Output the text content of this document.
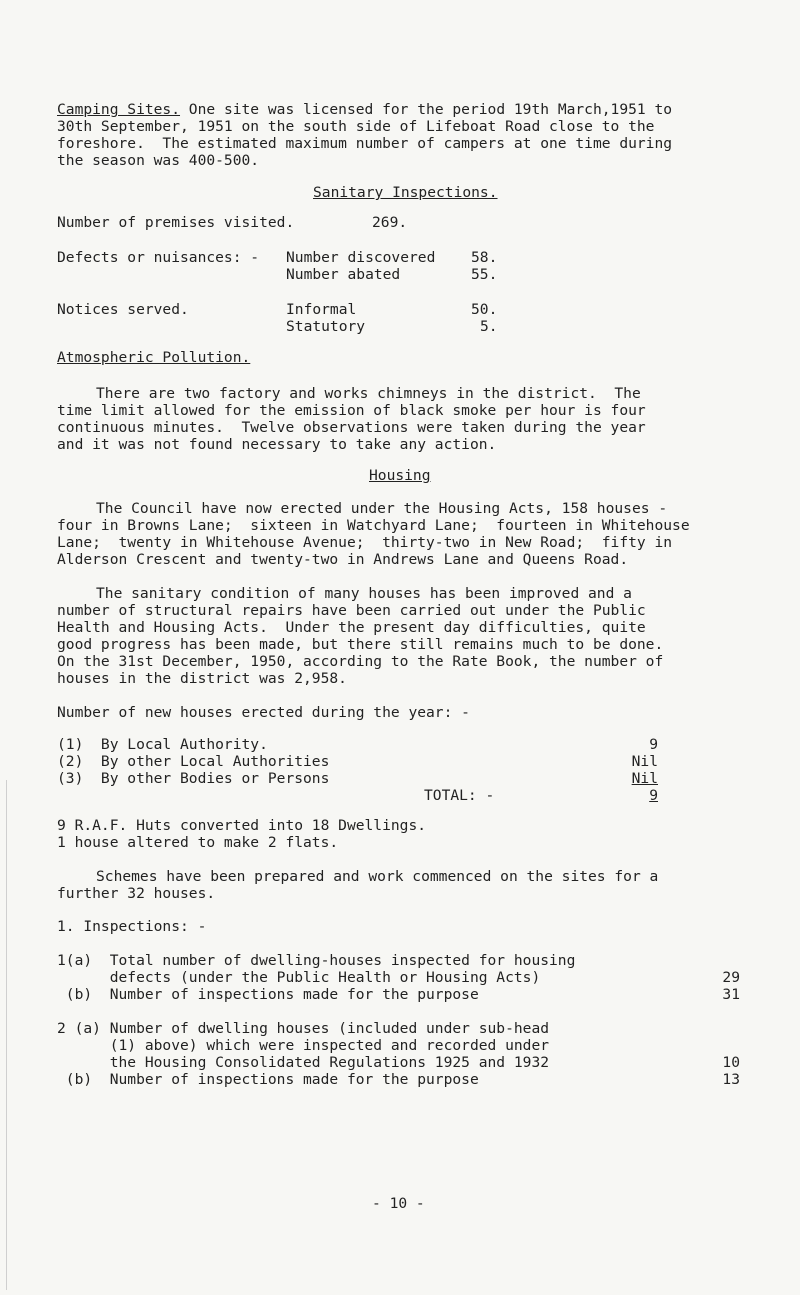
Camping Sites. One site was licensed for the period 19th March,1951 to
30th September, 1951 on the south side of Lifeboat Road close to the
foreshore.  The estimated maximum number of campers at one time during
the season was 400-500.
Sanitary Inspections.
Number of premises visited.	269.
Defects or nuisances: - Number discovered 58.
Number abated	55.
Notices served.	Informal	50.
Statutory	5.
Atmospheric Pollution.
There are two factory and works chimneys in the district.  The
time limit allowed for the emission of black smoke per hour is four
continuous minutes.  Twelve observations were taken during the year
and it was not found necessary to take any action.
Housing
The Council have now erected under the Housing Acts, 158 houses -
four in Browns Lane;  sixteen in Watchyard Lane;  fourteen in Whitehouse
Lane;  twenty in Whitehouse Avenue;  thirty-two in New Road;  fifty in
Alderson Crescent and twenty-two in Andrews Lane and Queens Road.
The sanitary condition of many houses has been improved and a
number of structural repairs have been carried out under the Public
Health and Housing Acts.  Under the present day difficulties, quite
good progress has been made, but there still remains much to be done.
On the 31st December, 1950, according to the Rate Book, the number of
houses in the district was 2,958.
Number of new houses erected during the year: -
(1)  By Local Authority.	9
(2)  By other Local Authorities	Nil
(3)  By other Bodies or Persons	Nil
TOTAL: -	9
9 R.A.F. Huts converted into 18 Dwellings.
1 house altered to make 2 flats.
Schemes have been prepared and work commenced on the sites for a
further 32 houses.
1. Inspections: -
1(a)  Total number of dwelling-houses inspected for housing
defects (under the Public Health or Housing Acts)	29
(b)  Number of inspections made for the purpose	31
2 (a) Number of dwelling houses (included under sub-head
(1) above) which were inspected and recorded under
the Housing Consolidated Regulations 1925 and 1932	10
(b)  Number of inspections made for the purpose	13
- 10 -
